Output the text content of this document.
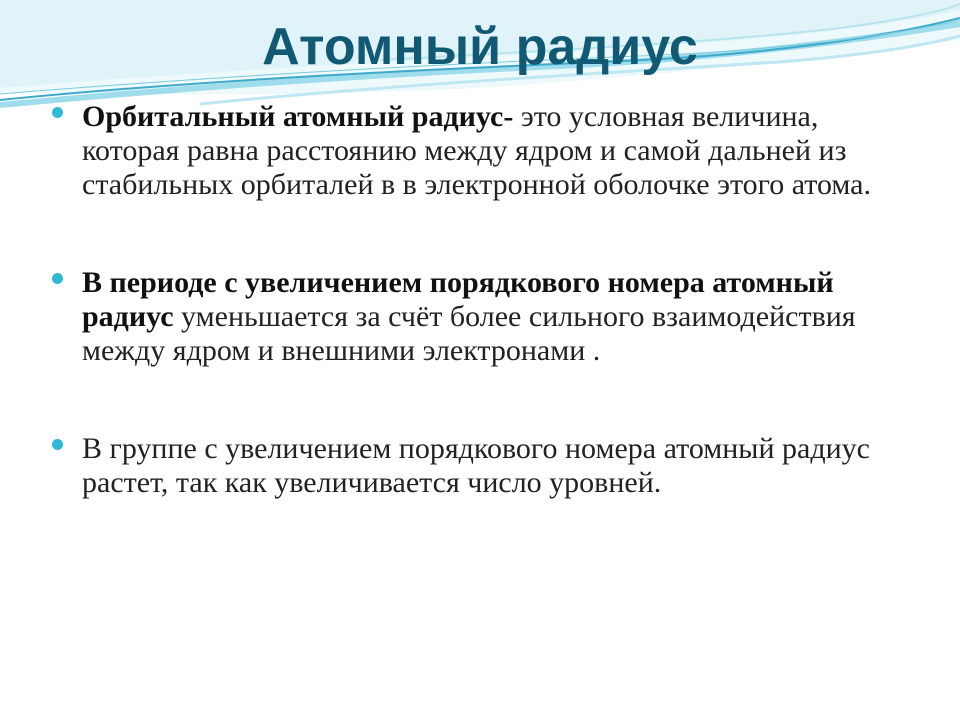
Атомный радиус
Орбитальный атомный радиус- это условная величина, которая равна расстоянию между ядром и самой дальней из стабильных орбиталей в в электронной оболочке этого атома.
В периоде с увеличением порядкового номера атомный радиус уменьшается за счёт более сильного взаимодействия между ядром и внешними электронами .
В группе с увеличением порядкового номера атомный радиус растет, так как увеличивается число уровней.
